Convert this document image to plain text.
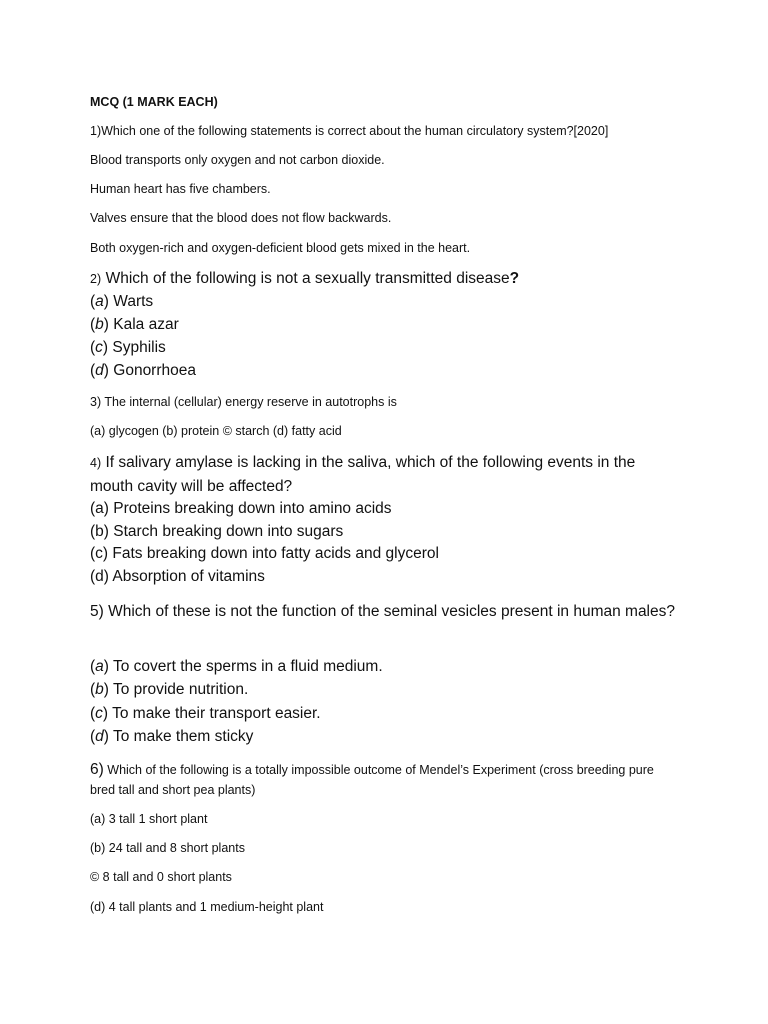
MCQ (1 MARK EACH)
1)Which one of the following statements is correct about the human circulatory system?[2020]
Blood transports only oxygen and not carbon dioxide.
Human heart has five chambers.
Valves ensure that the blood does not flow backwards.
Both oxygen-rich and oxygen-deficient blood gets mixed in the heart.
2) Which of the following is not a sexually transmitted disease?
(a) Warts
(b) Kala azar
(c) Syphilis
(d) Gonorrhoea
3) The internal (cellular) energy reserve in autotrophs is
(a) glycogen (b) protein © starch (d) fatty acid
4) If salivary amylase is lacking in the saliva, which of the following events in the mouth cavity will be affected?
(a) Proteins breaking down into amino acids
(b) Starch breaking down into sugars
(c) Fats breaking down into fatty acids and glycerol
(d) Absorption of vitamins
5) Which of these is not the function of the seminal vesicles present in human males?
(a) To covert the sperms in a fluid medium.
(b) To provide nutrition.
(c) To make their transport easier.
(d) To make them sticky
6) Which of the following is a totally impossible outcome of Mendel’s Experiment (cross breeding pure bred tall and short pea plants)
(a) 3 tall 1 short plant
(b) 24 tall and 8 short plants
© 8 tall and 0 short plants
(d) 4 tall plants and 1 medium-height plant
